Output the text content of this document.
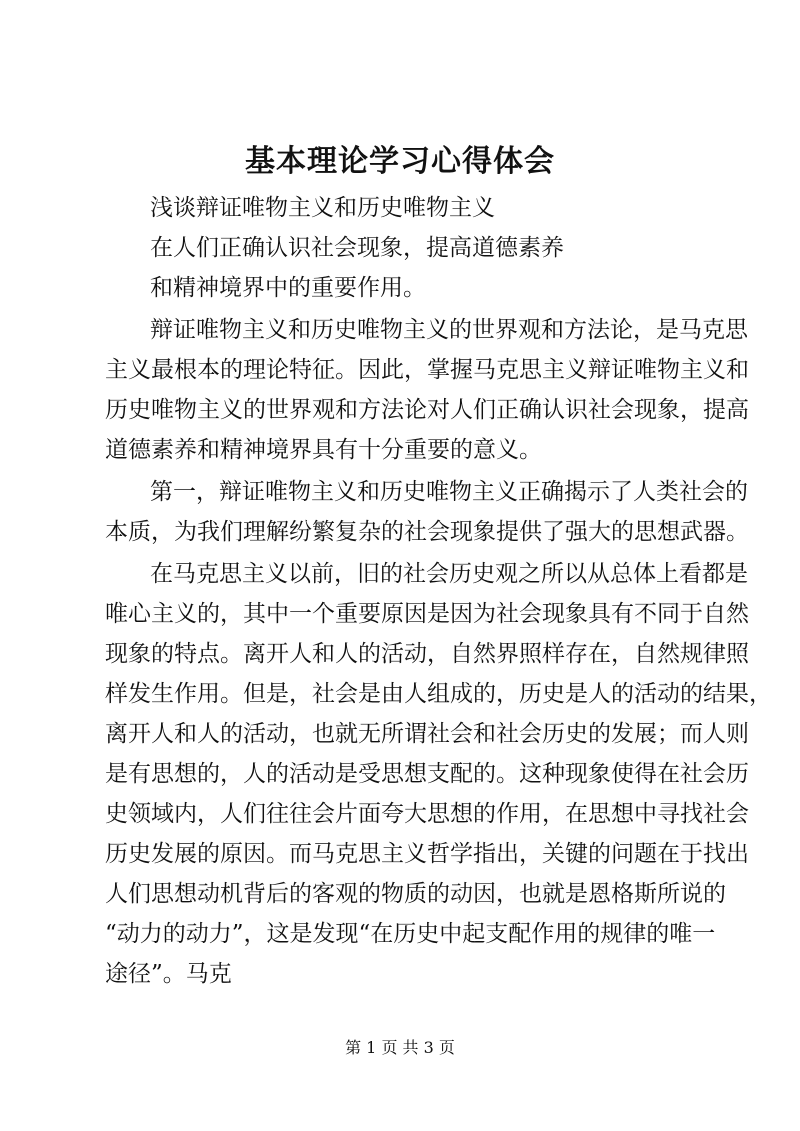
基本理论学习心得体会
浅谈辩证唯物主义和历史唯物主义
在人们正确认识社会现象，提高道德素养
和精神境界中的重要作用。
辩证唯物主义和历史唯物主义的世界观和方法论，是马克思
主义最根本的理论特征。因此，掌握马克思主义辩证唯物主义和
历史唯物主义的世界观和方法论对人们正确认识社会现象，提高
道德素养和精神境界具有十分重要的意义。
第一，辩证唯物主义和历史唯物主义正确揭示了人类社会的
本质，为我们理解纷繁复杂的社会现象提供了强大的思想武器。
在马克思主义以前，旧的社会历史观之所以从总体上看都是
唯心主义的，其中一个重要原因是因为社会现象具有不同于自然
现象的特点。离开人和人的活动，自然界照样存在，自然规律照
样发生作用。但是，社会是由人组成的，历史是人的活动的结果，
离开人和人的活动，也就无所谓社会和社会历史的发展；而人则
是有思想的，人的活动是受思想支配的。这种现象使得在社会历
史领域内，人们往往会片面夸大思想的作用，在思想中寻找社会
历史发展的原因。而马克思主义哲学指出，关键的问题在于找出
人们思想动机背后的客观的物质的动因，也就是恩格斯所说的
“动力的动力”，这是发现“在历史中起支配作用的规律的唯一
途径”。马克
第 1 页 共 3 页
